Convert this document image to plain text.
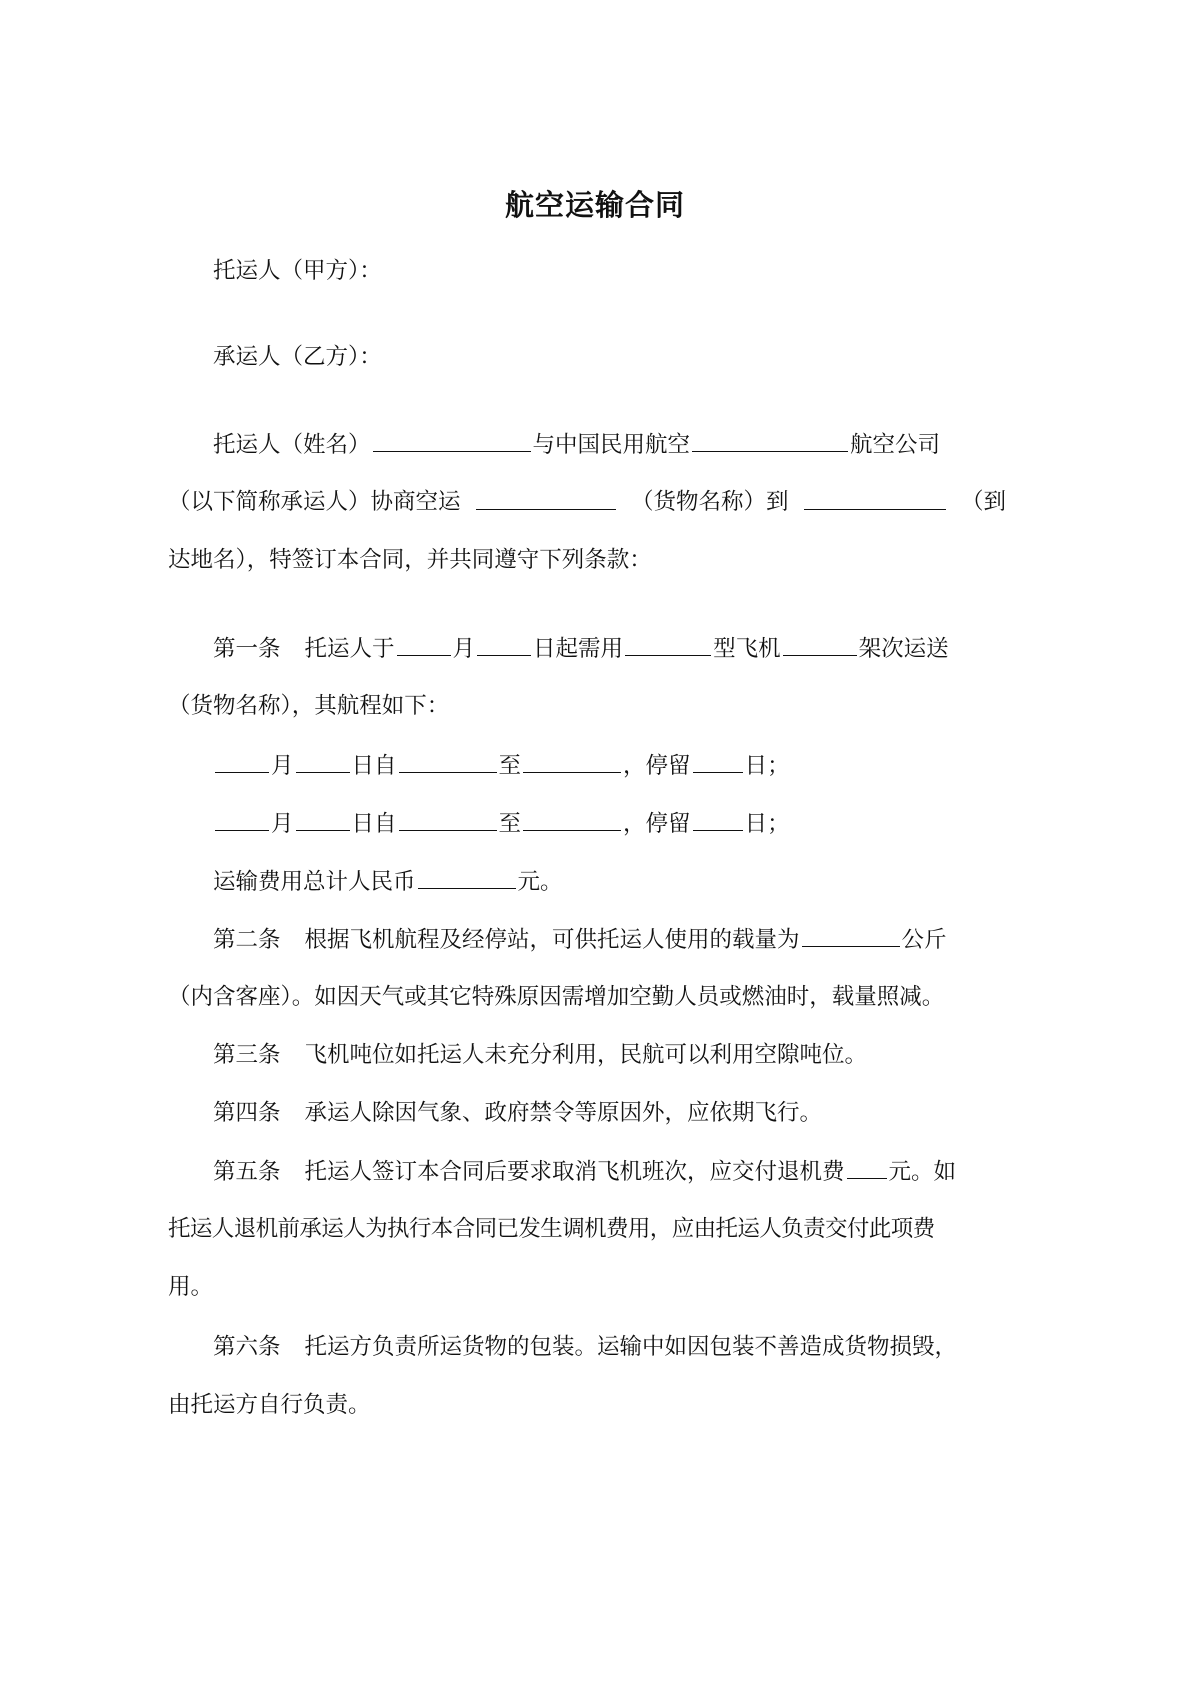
航空运输合同

托运人（甲方）：

承运人（乙方）：

托运人（姓名）	与中国民用航空	航空公司
（以下简称承运人）协商空运	（货物名称）到	（到

达地名），特签订本合同，并共同遵守下列条款：

第一条 托运人于	月	日起需用	型飞机	架次运送

（货物名称），其航程如下：

月	日自	至	，停留 日；
月	日自	至	，停留 日；
运输费用总计人民币	元。
第二条 根据飞机航程及经停站，可供托运人使用的载量为	公斤

（内含客座）。如因天气或其它特殊原因需增加空勤人员或燃油时，载量照减。

第三条 飞机吨位如托运人未充分利用，民航可以利用空隙吨位。
第四条 承运人除因气象、政府禁令等原因外，应依期飞行。
第五条 托运人签订本合同后要求取消飞机班次，应交付退机费 元。如

托运人退机前承运人为执行本合同已发生调机费用，应由托运人负责交付此项费

用。

第六条 托运方负责所运货物的包装。运输中如因包装不善造成货物损毁，

由托运方自行负责。
